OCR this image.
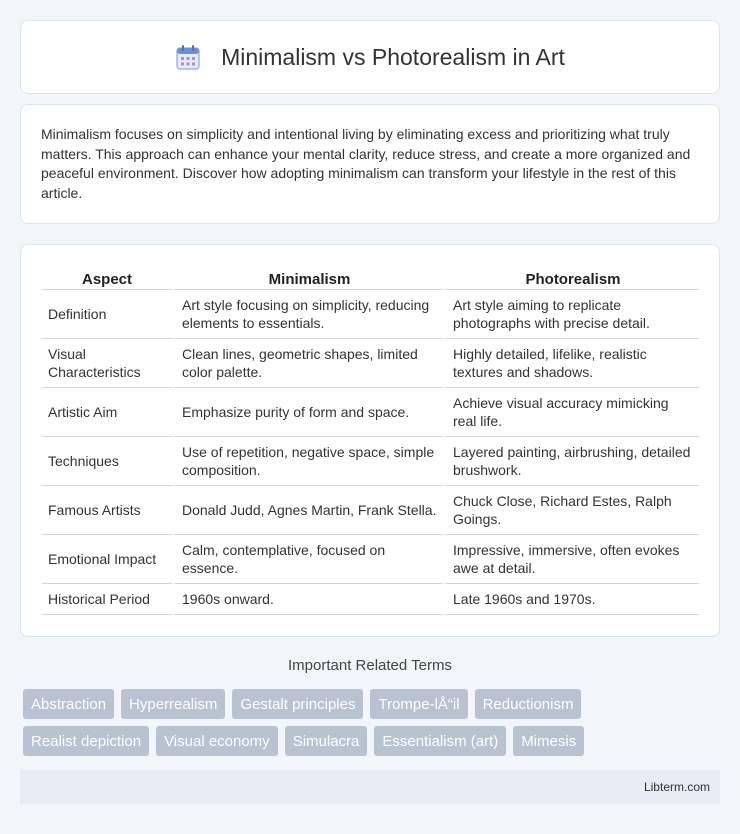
Minimalism vs Photorealism in Art

Minimalism focuses on simplicity and intentional living by eliminating excess and prioritizing what truly matters. This approach can enhance your mental clarity, reduce stress, and create a more organized and peaceful environment. Discover how adopting minimalism can transform your lifestyle in the rest of this article.

Aspect	Minimalism	Photorealism
Definition	Art style focusing on simplicity, reducing elements to essentials.	Art style aiming to replicate photographs with precise detail.
Visual Characteristics	Clean lines, geometric shapes, limited color palette.	Highly detailed, lifelike, realistic textures and shadows.
Artistic Aim	Emphasize purity of form and space.	Achieve visual accuracy mimicking real life.
Techniques	Use of repetition, negative space, simple composition.	Layered painting, airbrushing, detailed brushwork.
Famous Artists	Donald Judd, Agnes Martin, Frank Stella.	Chuck Close, Richard Estes, Ralph Goings.
Emotional Impact	Calm, contemplative, focused on essence.	Impressive, immersive, often evokes awe at detail.
Historical Period	1960s onward.	Late 1960s and 1970s.
Important Related Terms
Abstraction	Hyperrealism	Gestalt principles	Trompe-lÅ“il	Reductionism
Realist depiction	Visual economy	Simulacra	Essentialism (art)	Mimesis
Libterm.com
